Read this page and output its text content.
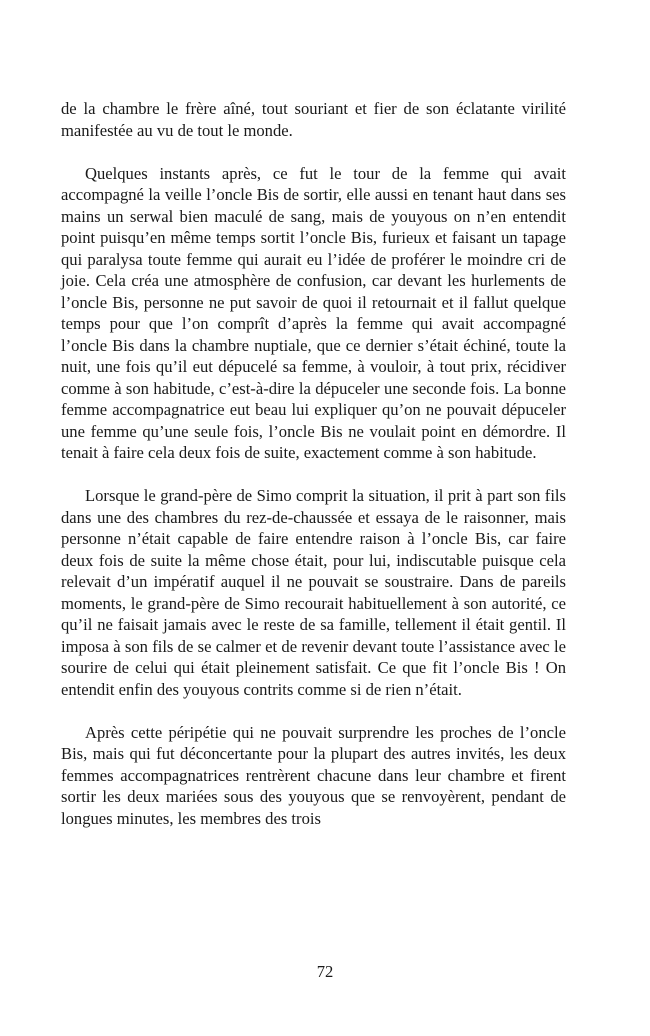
de la chambre le frère aîné, tout souriant et fier de son éclatante virilité manifestée au vu de tout le monde.

Quelques instants après, ce fut le tour de la femme qui avait accompagné la veille l’oncle Bis de sortir, elle aussi en tenant haut dans ses mains un serwal bien maculé de sang, mais de youyous on n’en entendit point puisqu’en même temps sortit l’oncle Bis, furieux et faisant un tapage qui paralysa toute femme qui aurait eu l’idée de proférer le moindre cri de joie. Cela créa une atmosphère de confusion, car devant les hurlements de l’oncle Bis, personne ne put savoir de quoi il retournait et il fallut quelque temps pour que l’on comprît d’après la femme qui avait accompagné l’oncle Bis dans la chambre nuptiale, que ce dernier s’était échiné, toute la nuit, une fois qu’il eut dépucelé sa femme, à vouloir, à tout prix, récidiver comme à son habitude, c’est-à-dire la dépuceler une seconde fois. La bonne femme accompagnatrice eut beau lui expliquer qu’on ne pouvait dépuceler une femme qu’une seule fois, l’oncle Bis ne voulait point en démordre. Il tenait à faire cela deux fois de suite, exactement comme à son habitude.

Lorsque le grand-père de Simo comprit la situation, il prit à part son fils dans une des chambres du rez-de-chaussée et essaya de le raisonner, mais personne n’était capable de faire entendre raison à l’oncle Bis, car faire deux fois de suite la même chose était, pour lui, indiscutable puisque cela relevait d’un impératif auquel il ne pouvait se soustraire. Dans de pareils moments, le grand-père de Simo recourait habituellement à son autorité, ce qu’il ne faisait jamais avec le reste de sa famille, tellement il était gentil. Il imposa à son fils de se calmer et de revenir devant toute l’assistance avec le sourire de celui qui était pleinement satisfait. Ce que fit l’oncle Bis ! On entendit enfin des youyous contrits comme si de rien n’était.

Après cette péripétie qui ne pouvait surprendre les proches de l’oncle Bis, mais qui fut déconcertante pour la plupart des autres invités, les deux femmes accompagnatrices rentrèrent chacune dans leur chambre et firent sortir les deux mariées sous des youyous que se renvoyèrent, pendant de longues minutes, les membres des trois

72
